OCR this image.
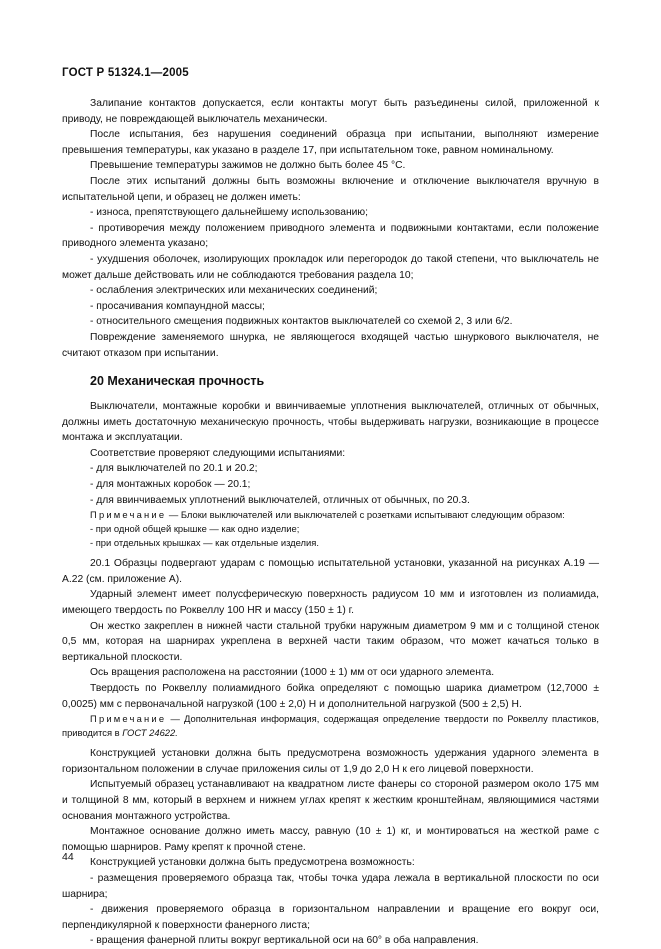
ГОСТ Р 51324.1—2005

Залипание контактов допускается, если контакты могут быть разъединены силой, приложенной к приводу, не повреждающей выключатель механически.

После испытания, без нарушения соединений образца при испытании, выполняют измерение превышения температуры, как указано в разделе 17, при испытательном токе, равном номинальному.

Превышение температуры зажимов не должно быть более 45 °С.

После этих испытаний должны быть возможны включение и отключение выключателя вручную в испытательной цепи, и образец не должен иметь:

- износа, препятствующего дальнейшему использованию;

- противоречия между положением приводного элемента и подвижными контактами, если положение приводного элемента указано;

- ухудшения оболочек, изолирующих прокладок или перегородок до такой степени, что выключатель не может дальше действовать или не соблюдаются требования раздела 10;

- ослабления электрических или механических соединений;

- просачивания компаундной массы;

- относительного смещения подвижных контактов выключателей со схемой 2, 3 или 6/2.

Повреждение заменяемого шнурка, не являющегося входящей частью шнуркового выключателя, не считают отказом при испытании.

20 Механическая прочность

Выключатели, монтажные коробки и ввинчиваемые уплотнения выключателей, отличных от обычных, должны иметь достаточную механическую прочность, чтобы выдерживать нагрузки, возникающие в процессе монтажа и эксплуатации.

Соответствие проверяют следующими испытаниями:

- для выключателей по 20.1 и 20.2;

- для монтажных коробок — 20.1;

- для ввинчиваемых уплотнений выключателей, отличных от обычных, по 20.3.

Примечание — Блоки выключателей или выключателей с розетками испытывают следующим образом:

- при одной общей крышке — как одно изделие;

- при отдельных крышках — как отдельные изделия.

20.1 Образцы подвергают ударам с помощью испытательной установки, указанной на рисунках А.19 — А.22 (см. приложение А).

Ударный элемент имеет полусферическую поверхность радиусом 10 мм и изготовлен из полиамида, имеющего твердость по Роквеллу 100 HR и массу (150 ± 1) г.

Он жестко закреплен в нижней части стальной трубки наружным диаметром 9 мм и с толщиной стенок 0,5 мм, которая на шарнирах укреплена в верхней части таким образом, что может качаться только в вертикальной плоскости.

Ось вращения расположена на расстоянии (1000 ± 1) мм от оси ударного элемента.

Твердость по Роквеллу полиамидного бойка определяют с помощью шарика диаметром (12,7000 ± 0,0025) мм с первоначальной нагрузкой (100 ± 2,0) Н и дополнительной нагрузкой (500 ± 2,5) Н.

Примечание — Дополнительная информация, содержащая определение твердости по Роквеллу пластиков, приводится в ГОСТ 24622.

Конструкцией установки должна быть предусмотрена возможность удержания ударного элемента в горизонтальном положении в случае приложения силы от 1,9 до 2,0 Н к его лицевой поверхности.

Испытуемый образец устанавливают на квадратном листе фанеры со стороной размером около 175 мм и толщиной 8 мм, который в верхнем и нижнем углах крепят к жестким кронштейнам, являющимися частями основания монтажного устройства.

Монтажное основание должно иметь массу, равную (10 ± 1) кг, и монтироваться на жесткой раме с помощью шарниров. Раму крепят к прочной стене.

Конструкцией установки должна быть предусмотрена возможность:

- размещения проверяемого образца так, чтобы точка удара лежала в вертикальной плоскости по оси шарнира;

- движения проверяемого образца в горизонтальном направлении и вращение его вокруг оси, перпендикулярной к поверхности фанерного листа;

- вращения фанерной плиты вокруг вертикальной оси на 60° в оба направления.

44
